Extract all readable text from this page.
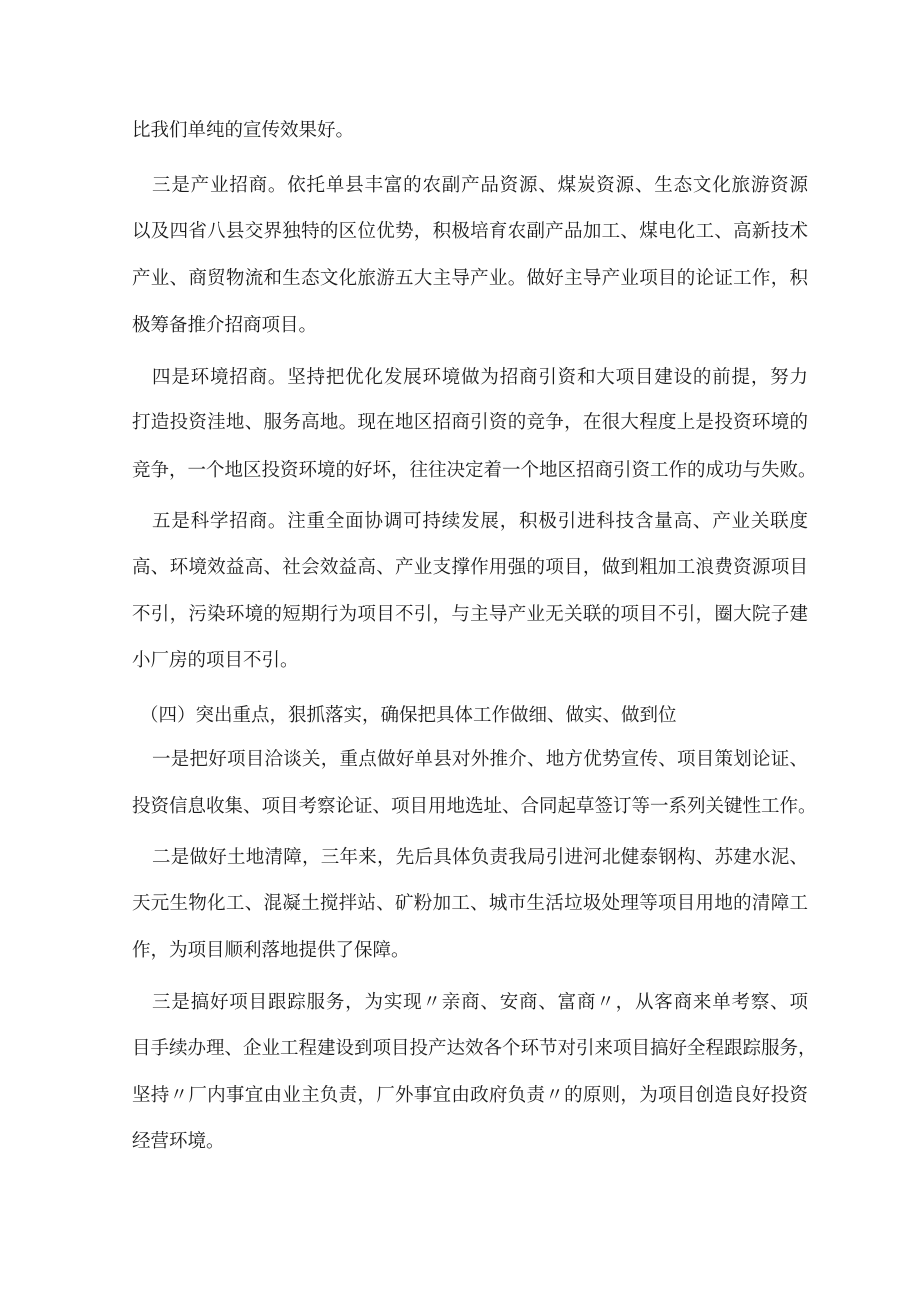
比我们单纯的宣传效果好。
三是产业招商。依托单县丰富的农副产品资源、煤炭资源、生态文化旅游资源
以及四省八县交界独特的区位优势，积极培育农副产品加工、煤电化工、高新技术
产业、商贸物流和生态文化旅游五大主导产业。做好主导产业项目的论证工作，积
极筹备推介招商项目。
四是环境招商。坚持把优化发展环境做为招商引资和大项目建设的前提，努力
打造投资洼地、服务高地。现在地区招商引资的竞争，在很大程度上是投资环境的
竞争，一个地区投资环境的好坏，往往决定着一个地区招商引资工作的成功与失败。
五是科学招商。注重全面协调可持续发展，积极引进科技含量高、产业关联度
高、环境效益高、社会效益高、产业支撑作用强的项目，做到粗加工浪费资源项目
不引，污染环境的短期行为项目不引，与主导产业无关联的项目不引，圈大院子建
小厂房的项目不引。
（四）突出重点，狠抓落实，确保把具体工作做细、做实、做到位
一是把好项目洽谈关，重点做好单县对外推介、地方优势宣传、项目策划论证、
投资信息收集、项目考察论证、项目用地选址、合同起草签订等一系列关键性工作。
二是做好土地清障，三年来，先后具体负责我局引进河北健泰钢构、苏建水泥、
天元生物化工、混凝土搅拌站、矿粉加工、城市生活垃圾处理等项目用地的清障工
作，为项目顺利落地提供了保障。
三是搞好项目跟踪服务，为实现〃亲商、安商、富商〃，从客商来单考察、项
目手续办理、企业工程建设到项目投产达效各个环节对引来项目搞好全程跟踪服务，
坚持〃厂内事宜由业主负责，厂外事宜由政府负责〃的原则，为项目创造良好投资
经营环境。
